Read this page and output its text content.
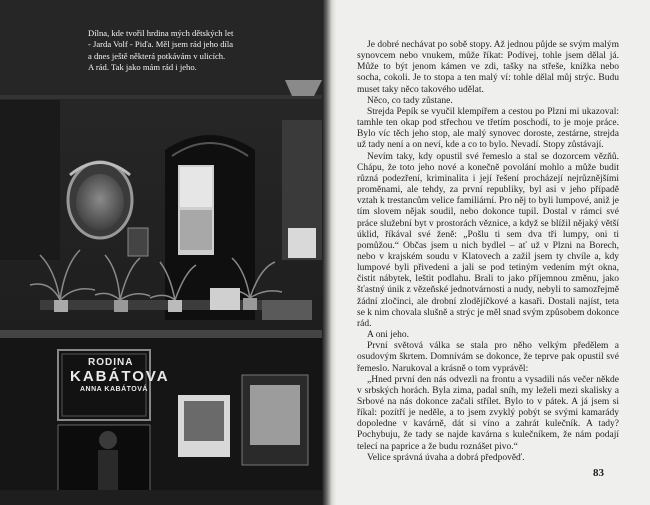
Dílna, kde tvořil hrdina mých dětských let

- Jarda Volf - Piďa. Měl jsem rád jeho díla

a dnes ještě některá potkávám v ulicích.

A rád. Tak jako mám rád i jeho.

RODINA
KABÁTOVA
ANNA KABÁTOVÁ

Je dobré nechávat po sobě stopy. Až jednou půjde se svým malým synovcem nebo vnukem, může říkat: Podívej, tohle jsem dělal já. Může to být jenom kámen ve zdi, tašky na střeše, knížka nebo socha, cokoli. Je to stopa a ten malý ví: tohle dělal můj strýc. Budu muset taky něco takového udělat.

Něco, co tady zůstane.

Strejda Pepík se vyučil klempířem a cestou po Plzni mi ukazoval: tamhle ten okap pod střechou ve třetím poschodí, to je moje práce. Bylo víc těch jeho stop, ale malý synovec doroste, zestárne, strejda už tady není a on neví, kde a co to bylo. Nevadí. Stopy zůstávají.

Nevím taky, kdy opustil své řemeslo a stal se dozorcem vězňů. Chápu, že toto jeho nové a konečně povolání mohlo a může budit různá podezření, kriminalita i její řešení procházejí nejrůznějšími proměnami, ale tehdy, za první republiky, byl asi v jeho případě vztah k trestancům velice familiární. Pro něj to byli lumpové, aniž je tím slovem nějak soudil, nebo dokonce tupil. Dostal v rámci své práce služební byt v prostorách věznice, a když se blížil nějaký větší úklid, říkával své ženě: „Pošlu ti sem dva tři lumpy, oni ti pomůžou.“ Občas jsem u nich bydlel – ať už v Plzni na Borech, nebo v krajském soudu v Klatovech a zažil jsem ty chvíle a, kdy lumpové byli přivedeni a jali se pod tetiným vedením mýt okna, čistit nábytek, leštit podlahu. Brali to jako příjemnou změnu, jako šťastný únik z vězeňské jednotvárnosti a nudy, nebyli to samozřejmě žádní zločinci, ale drobní zlodějíčkové a kasaři. Dostali najíst, teta se k nim chovala slušně a strýc je měl snad svým způsobem dokonce rád.

A oni jeho.

První světová válka se stala pro něho velkým předělem a osudovým škrtem. Domnívám se dokonce, že teprve pak opustil své řemeslo. Narukoval a krásně o tom vyprávěl:

„Hned první den nás odvezli na frontu a vysadili nás večer někde v srbských horách. Byla zima, padal sníh, my leželi mezi skalisky a Srbové na nás dokonce začali střílet. Bylo to v pátek. A já jsem si říkal: pozítří je neděle, a to jsem zvyklý pobýt se svými kamarády dopoledne v kavárně, dát si víno a zahrát kulečník. A tady? Pochybuju, že tady se najde kavárna s kulečníkem, že nám podají telecí na paprice a že budu roznášet pivo.“

Velice správná úvaha a dobrá předpověď.

83
